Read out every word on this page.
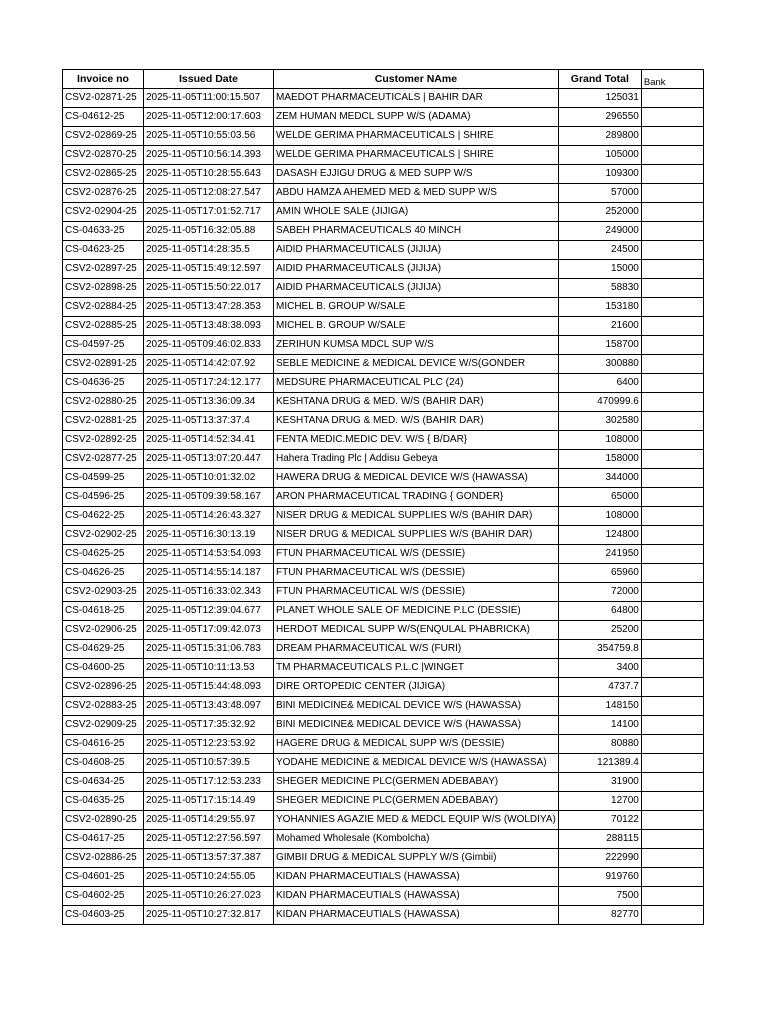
Invoice no	Issued Date	Customer NAme	Grand Total	Bank
CSV2-02871-25	2025-11-05T11:00:15.507	MAEDOT PHARMACEUTICALS | BAHIR DAR	125031	
CS-04612-25	2025-11-05T12:00:17.603	ZEM HUMAN MEDCL SUPP W/S (ADAMA)	296550	
CSV2-02869-25	2025-11-05T10:55:03.56	WELDE GERIMA PHARMACEUTICALS | SHIRE	289800	
CSV2-02870-25	2025-11-05T10:56:14.393	WELDE GERIMA PHARMACEUTICALS | SHIRE	105000	
CSV2-02865-25	2025-11-05T10:28:55.643	DASASH EJJIGU DRUG & MED SUPP W/S	109300	
CSV2-02876-25	2025-11-05T12:08:27.547	ABDU HAMZA AHEMED MED & MED SUPP W/S	57000	
CSV2-02904-25	2025-11-05T17:01:52.717	AMIN WHOLE SALE (JIJIGA)	252000	
CS-04633-25	2025-11-05T16:32:05.88	SABEH PHARMACEUTICALS 40 MINCH	249000	
CS-04623-25	2025-11-05T14:28:35.5	AIDID PHARMACEUTICALS (JIJIJA)	24500	
CSV2-02897-25	2025-11-05T15:49:12.597	AIDID PHARMACEUTICALS (JIJIJA)	15000	
CSV2-02898-25	2025-11-05T15:50:22.017	AIDID PHARMACEUTICALS (JIJIJA)	58830	
CSV2-02884-25	2025-11-05T13:47:28.353	MICHEL B. GROUP W/SALE	153180	
CSV2-02885-25	2025-11-05T13:48:38.093	MICHEL B. GROUP W/SALE	21600	
CS-04597-25	2025-11-05T09:46:02.833	ZERIHUN KUMSA MDCL SUP W/S	158700	
CSV2-02891-25	2025-11-05T14:42:07.92	SEBLE MEDICINE & MEDICAL DEVICE W/S(GONDER	300880	
CS-04636-25	2025-11-05T17:24:12.177	MEDSURE PHARMACEUTICAL PLC (24)	6400	
CSV2-02880-25	2025-11-05T13:36:09.34	KESHTANA DRUG & MED. W/S (BAHIR DAR)	470999.6	
CSV2-02881-25	2025-11-05T13:37:37.4	KESHTANA DRUG & MED. W/S (BAHIR DAR)	302580	
CSV2-02892-25	2025-11-05T14:52:34.41	FENTA MEDIC.MEDIC DEV. W/S { B/DAR}	108000	
CSV2-02877-25	2025-11-05T13:07:20.447	Hahera Trading Plc | Addisu Gebeya	158000	
CS-04599-25	2025-11-05T10:01:32.02	HAWERA DRUG & MEDICAL DEVICE W/S (HAWASSA)	344000	
CS-04596-25	2025-11-05T09:39:58.167	ARON PHARMACEUTICAL TRADING { GONDER}	65000	
CS-04622-25	2025-11-05T14:26:43.327	NISER DRUG & MEDICAL SUPPLIES W/S (BAHIR DAR)	108000	
CSV2-02902-25	2025-11-05T16:30:13.19	NISER DRUG & MEDICAL SUPPLIES W/S (BAHIR DAR)	124800	
CS-04625-25	2025-11-05T14:53:54.093	FTUN PHARMACEUTICAL W/S (DESSIE)	241950	
CS-04626-25	2025-11-05T14:55:14.187	FTUN PHARMACEUTICAL W/S (DESSIE)	65960	
CSV2-02903-25	2025-11-05T16:33:02.343	FTUN PHARMACEUTICAL W/S (DESSIE)	72000	
CS-04618-25	2025-11-05T12:39:04.677	PLANET WHOLE SALE OF MEDICINE P.LC (DESSIE)	64800	
CSV2-02906-25	2025-11-05T17:09:42.073	HERDOT MEDICAL SUPP W/S(ENQULAL PHABRICKA)	25200	
CS-04629-25	2025-11-05T15:31:06.783	DREAM PHARMACEUTICAL W/S (FURI)	354759.8	
CS-04600-25	2025-11-05T10:11:13.53	TM PHARMACEUTICALS P.L.C |WINGET	3400	
CSV2-02896-25	2025-11-05T15:44:48.093	DIRE ORTOPEDIC CENTER (JIJIGA)	4737.7	
CSV2-02883-25	2025-11-05T13:43:48.097	BINI MEDICINE& MEDICAL DEVICE W/S (HAWASSA)	148150	
CSV2-02909-25	2025-11-05T17:35:32.92	BINI MEDICINE& MEDICAL DEVICE W/S (HAWASSA)	14100	
CS-04616-25	2025-11-05T12:23:53.92	HAGERE DRUG & MEDICAL SUPP W/S (DESSIE)	80880	
CS-04608-25	2025-11-05T10:57:39.5	YODAHE MEDICINE & MEDICAL DEVICE W/S (HAWASSA)	121389.4	
CS-04634-25	2025-11-05T17:12:53.233	SHEGER MEDICINE PLC(GERMEN ADEBABAY)	31900	
CS-04635-25	2025-11-05T17:15:14.49	SHEGER MEDICINE PLC(GERMEN ADEBABAY)	12700	
CSV2-02890-25	2025-11-05T14:29:55.97	YOHANNIES AGAZIE MED & MEDCL EQUIP W/S (WOLDIYA)	70122	
CS-04617-25	2025-11-05T12:27:56.597	Mohamed Wholesale (Kombolcha)	288115	
CSV2-02886-25	2025-11-05T13:57:37.387	GIMBII DRUG & MEDICAL SUPPLY W/S (Gimbii)	222990	
CS-04601-25	2025-11-05T10:24:55.05	KIDAN PHARMACEUTIALS (HAWASSA)	919760	
CS-04602-25	2025-11-05T10:26:27.023	KIDAN PHARMACEUTIALS (HAWASSA)	7500	
CS-04603-25	2025-11-05T10:27:32.817	KIDAN PHARMACEUTIALS (HAWASSA)	82770	
